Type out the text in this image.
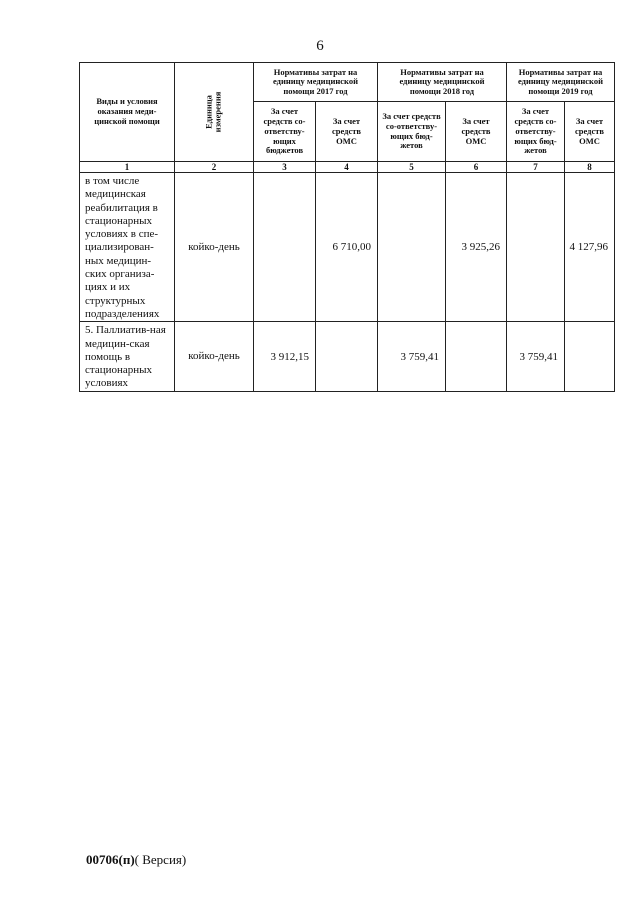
6
Виды и условия оказания меди-цинской помощи	Единица измерения	Нормативы затрат на единицу медицинской помощи 2017 год		Нормативы затрат на единицу медицинской помощи 2018 год		Нормативы затрат на единицу медицинской помощи 2019 год	
		За счет средств со-ответству-ющих бюджетов	За счет средств ОМС	За счет средств со-ответству-ющих бюд-жетов	За счет средств ОМС	За счет средств со-ответству-ющих бюд-жетов	За счет средств ОМС
1	2	3	4	5	6	7	8
в том числе медицинская реабилитация в стационарных условиях в спе-циализирован-ных медицин-ских организа-циях и их структурных подразделениях	койко-день		6 710,00		3 925,26		4 127,96
5. Паллиатив-ная медицин-ская помощь в стационарных условиях	койко-день	3 912,15		3 759,41		3 759,41	
00706(п)( Версия)
